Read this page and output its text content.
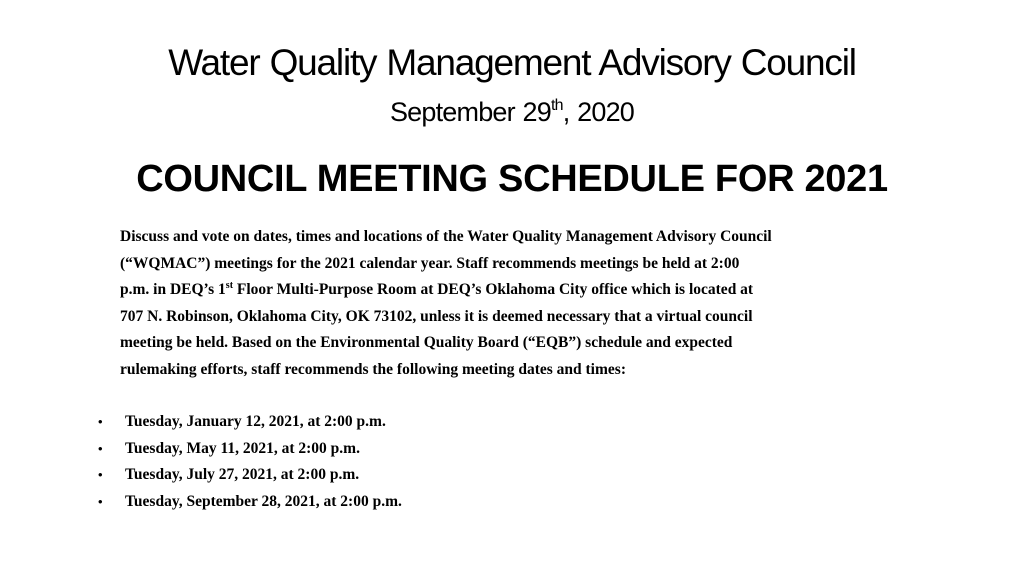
Water Quality Management Advisory Council
September 29th, 2020
COUNCIL MEETING SCHEDULE FOR 2021
Discuss and vote on dates, times and locations of the Water Quality Management Advisory Council
(“WQMAC”) meetings for the 2021 calendar year. Staff recommends meetings be held at 2:00
p.m. in DEQ’s 1st Floor Multi-Purpose Room at DEQ’s Oklahoma City office which is located at
707 N. Robinson, Oklahoma City, OK 73102, unless it is deemed necessary that a virtual council
meeting be held. Based on the Environmental Quality Board (“EQB”) schedule and expected
rulemaking efforts, staff recommends the following meeting dates and times:
•	Tuesday, January 12, 2021, at 2:00 p.m.
•	Tuesday, May 11, 2021, at 2:00 p.m.
•	Tuesday, July 27, 2021, at 2:00 p.m.
•	Tuesday, September 28, 2021, at 2:00 p.m.
